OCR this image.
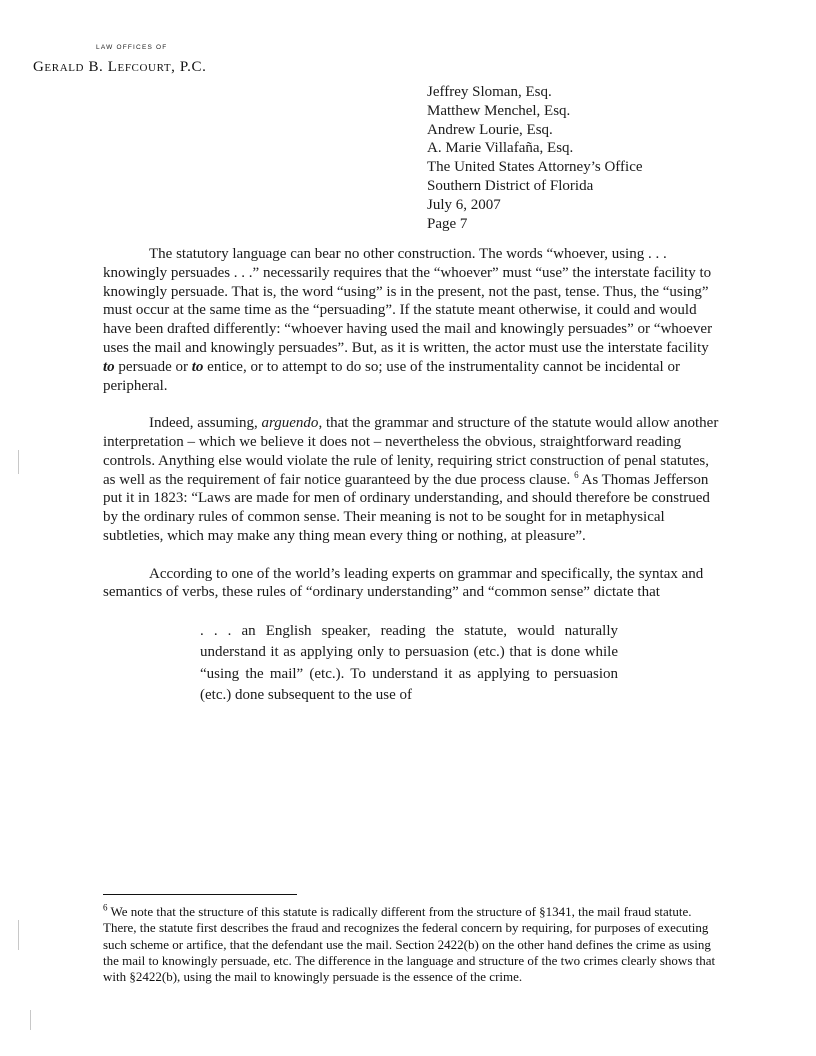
LAW OFFICES OF
Gerald B. Lefcourt, P.C.
Jeffrey Sloman, Esq.
Matthew Menchel, Esq.
Andrew Lourie, Esq.
A. Marie Villafaña, Esq.
The United States Attorney’s Office
Southern District of Florida
July 6, 2007
Page 7

The statutory language can bear no other construction. The words “whoever, using . . . knowingly persuades . . .” necessarily requires that the “whoever” must “use” the interstate facility to knowingly persuade. That is, the word “using” is in the present, not the past, tense. Thus, the “using” must occur at the same time as the “persuading”. If the statute meant otherwise, it could and would have been drafted differently: “whoever having used the mail and knowingly persuades” or “whoever uses the mail and knowingly persuades”. But, as it is written, the actor must use the interstate facility to persuade or to entice, or to attempt to do so; use of the instrumentality cannot be incidental or peripheral.

Indeed, assuming, arguendo, that the grammar and structure of the statute would allow another interpretation – which we believe it does not – nevertheless the obvious, straightforward reading controls. Anything else would violate the rule of lenity, requiring strict construction of penal statutes, as well as the requirement of fair notice guaranteed by the due process clause. $^6$ As Thomas Jefferson put it in 1823: “Laws are made for men of ordinary understanding, and should therefore be construed by the ordinary rules of common sense. Their meaning is not to be sought for in metaphysical subtleties, which may make any thing mean every thing or nothing, at pleasure”.

According to one of the world’s leading experts on grammar and specifically, the syntax and semantics of verbs, these rules of “ordinary understanding” and “common sense” dictate that

. . . an English speaker, reading the statute, would naturally understand it as applying only to persuasion (etc.) that is done while “using the mail” (etc.). To understand it as applying to persuasion (etc.) done subsequent to the use of

$^6$ We note that the structure of this statute is radically different from the structure of §1341, the mail fraud statute. There, the statute first describes the fraud and recognizes the federal concern by requiring, for purposes of executing such scheme or artifice, that the defendant use the mail. Section 2422(b) on the other hand defines the crime as using the mail to knowingly persuade, etc. The difference in the language and structure of the two crimes clearly shows that with §2422(b), using the mail to knowingly persuade is the essence of the crime.
